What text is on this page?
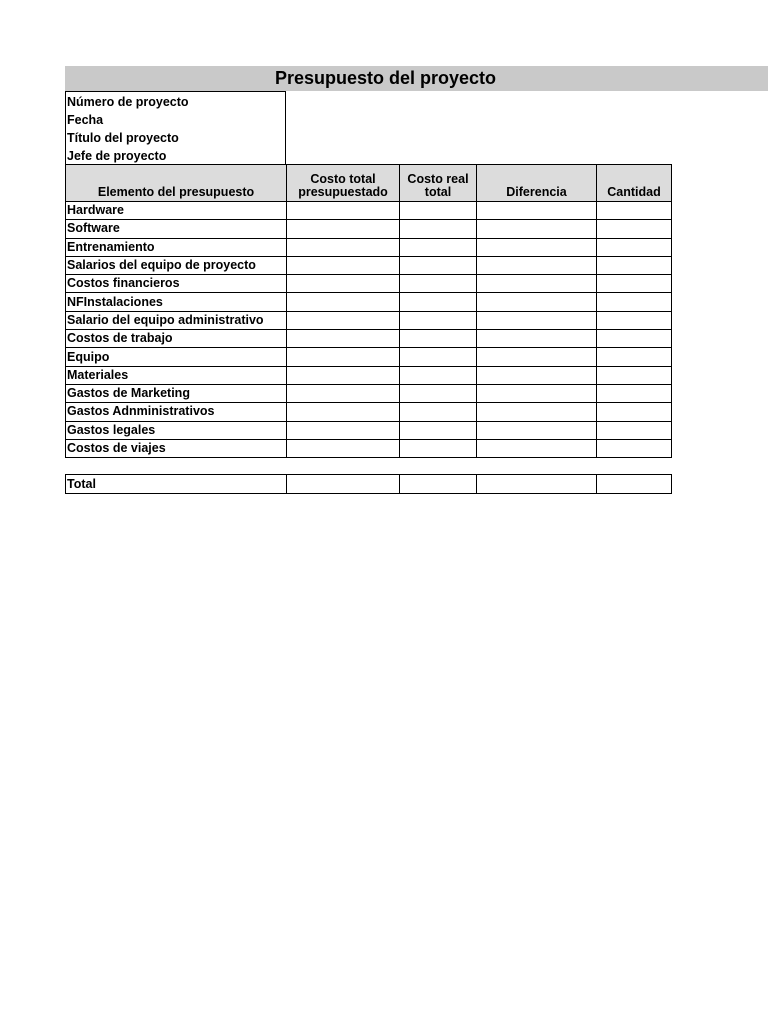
Presupuesto del proyecto
Número de proyecto
Fecha
Título del proyecto
Jefe de proyecto
Elemento del presupuesto	Costo total presupuestado	Costo real total	Diferencia	Cantidad
Hardware				
Software				
Entrenamiento				
Salarios del equipo de proyecto				
Costos financieros				
NFInstalaciones				
Salario del equipo administrativo				
Costos de trabajo				
Equipo				
Materiales				
Gastos de Marketing				
Gastos Adnministrativos				
Gastos legales				
Costos de viajes				
Total				
